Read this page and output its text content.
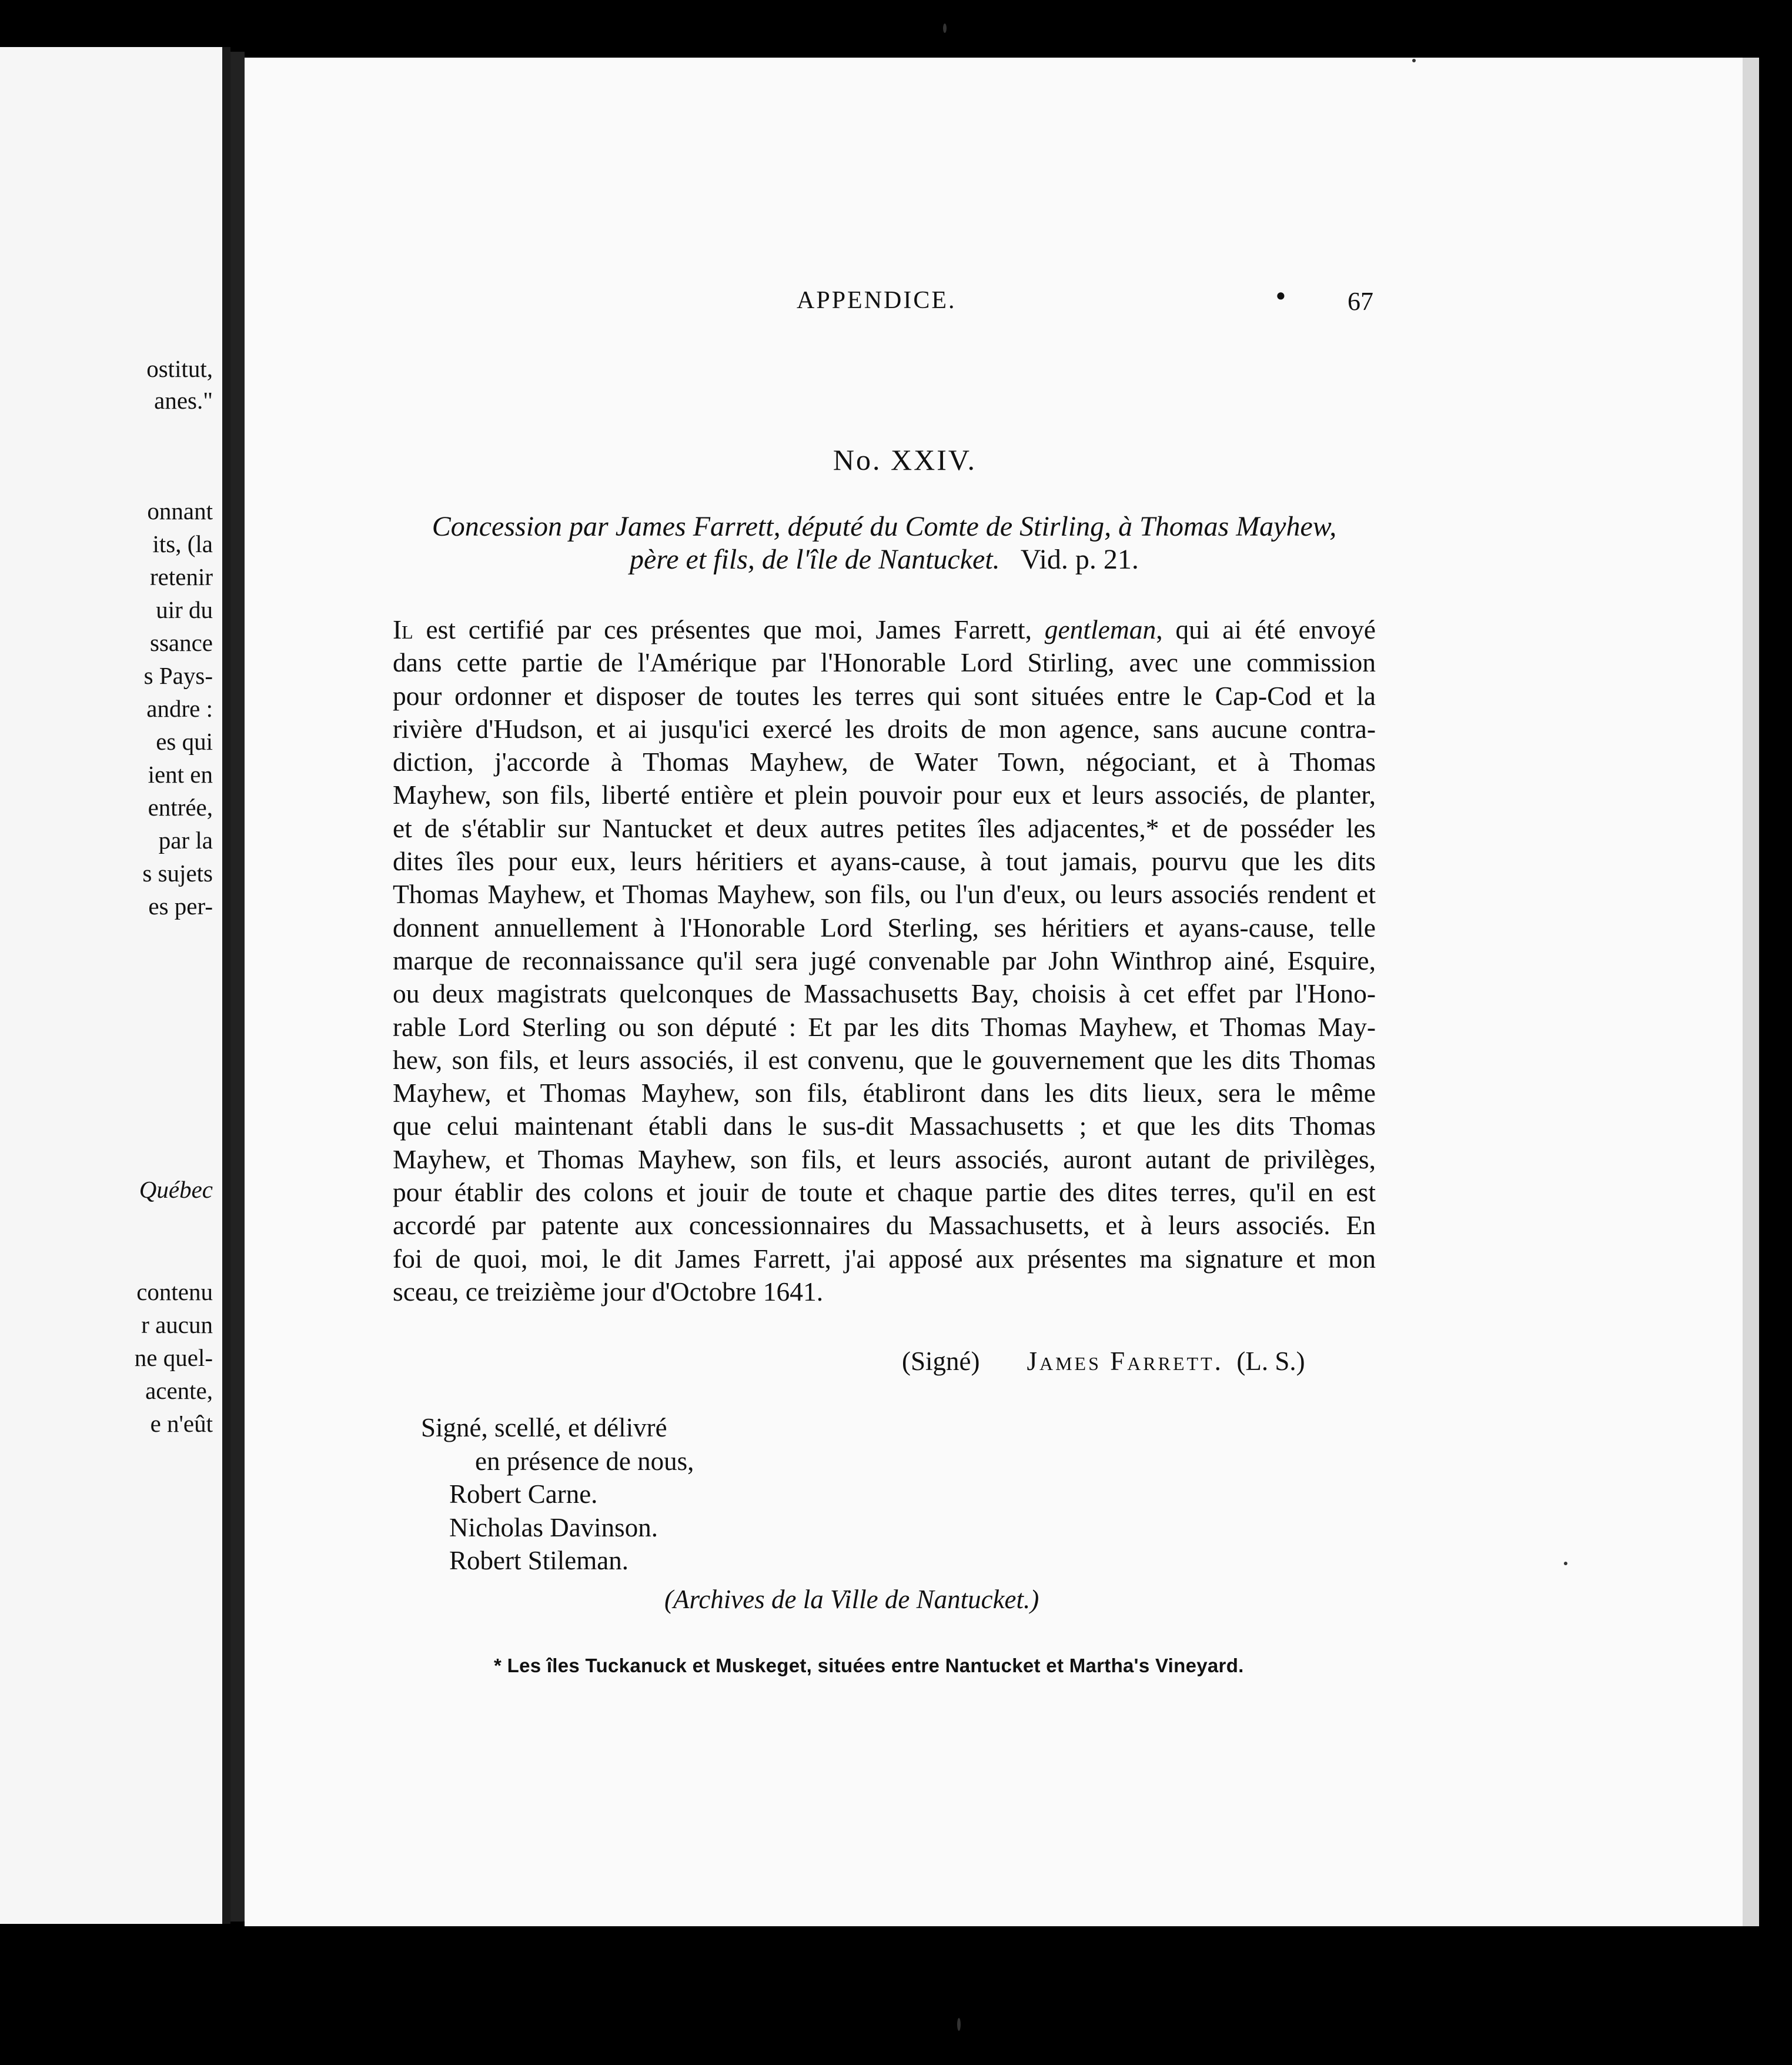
ostitut,
anes."
onnant
its, (la
retenir
uir du
ssance
s Pays-
andre :
es qui
ient en
entrée,
par la
s sujets
es per-
Québec
contenu
r aucun
ne quel-
acente,
e n'eût
APPENDICE.	• 67
No. XXIV.
Concession par James Farrett, député du Comte de Stirling, à Thomas Mayhew,
père et fils, de l'île de Nantucket. Vid. p. 21.
Il est certifié par ces présentes que moi, James Farrett, gentleman, qui ai été envoyé
dans cette partie de l'Amérique par l'Honorable Lord Stirling, avec une commission
pour ordonner et disposer de toutes les terres qui sont situées entre le Cap-Cod et la
rivière d'Hudson, et ai jusqu'ici exercé les droits de mon agence, sans aucune contra-
diction, j'accorde à Thomas Mayhew, de Water Town, négociant, et à Thomas
Mayhew, son fils, liberté entière et plein pouvoir pour eux et leurs associés, de planter,
et de s'établir sur Nantucket et deux autres petites îles adjacentes,* et de posséder les
dites îles pour eux, leurs héritiers et ayans-cause, à tout jamais, pourvu que les dits
Thomas Mayhew, et Thomas Mayhew, son fils, ou l'un d'eux, ou leurs associés rendent et
donnent annuellement à l'Honorable Lord Sterling, ses héritiers et ayans-cause, telle
marque de reconnaissance qu'il sera jugé convenable par John Winthrop ainé, Esquire,
ou deux magistrats quelconques de Massachusetts Bay, choisis à cet effet par l'Hono-
rable Lord Sterling ou son député : Et par les dits Thomas Mayhew, et Thomas May-
hew, son fils, et leurs associés, il est convenu, que le gouvernement que les dits Thomas
Mayhew, et Thomas Mayhew, son fils, établiront dans les dits lieux, sera le même
que celui maintenant établi dans le sus-dit Massachusetts ; et que les dits Thomas
Mayhew, et Thomas Mayhew, son fils, et leurs associés, auront autant de privilèges,
pour établir des colons et jouir de toute et chaque partie des dites terres, qu'il en est
accordé par patente aux concessionnaires du Massachusetts, et à leurs associés. En
foi de quoi, moi, le dit James Farrett, j'ai apposé aux présentes ma signature et mon
sceau, ce treizième jour d'Octobre 1641.
(Signé) James Farrett. (L. S.)
Signé, scellé, et délivré
en présence de nous,
Robert Carne.
Nicholas Davinson.
Robert Stileman.
(Archives de la Ville de Nantucket.)
* Les îles Tuckanuck et Muskeget, situées entre Nantucket et Martha's Vineyard.
